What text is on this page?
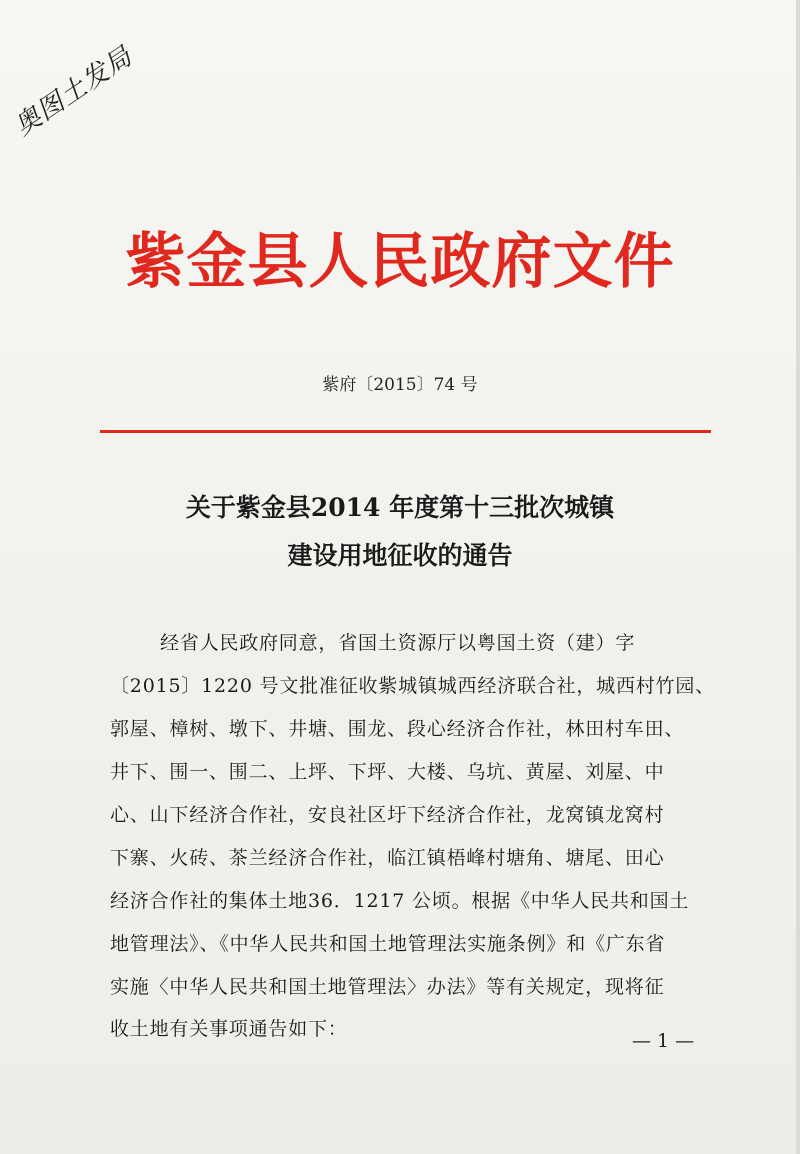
奥图土发局
紫金县人民政府文件
紫府〔2015〕74 号
关于紫金县2014 年度第十三批次城镇
建设用地征收的通告
经省人民政府同意，省国土资源厅以粤国土资（建）字
〔2015〕1220 号文批准征收紫城镇城西经济联合社，城西村竹园、
郭屋、樟树、墩下、井塘、围龙、段心经济合作社，林田村车田、
井下、围一、围二、上坪、下坪、大楼、乌坑、黄屋、刘屋、中
心、山下经济合作社，安良社区圩下经济合作社，龙窝镇龙窝村
下寨、火砖、茶兰经济合作社，临江镇梧峰村塘角、塘尾、田心
经济合作社的集体土地36．1217 公顷。根据《中华人民共和国土
地管理法》、《中华人民共和国土地管理法实施条例》和《广东省
实施〈中华人民共和国土地管理法〉办法》等有关规定，现将征
收土地有关事项通告如下：
— 1 —
